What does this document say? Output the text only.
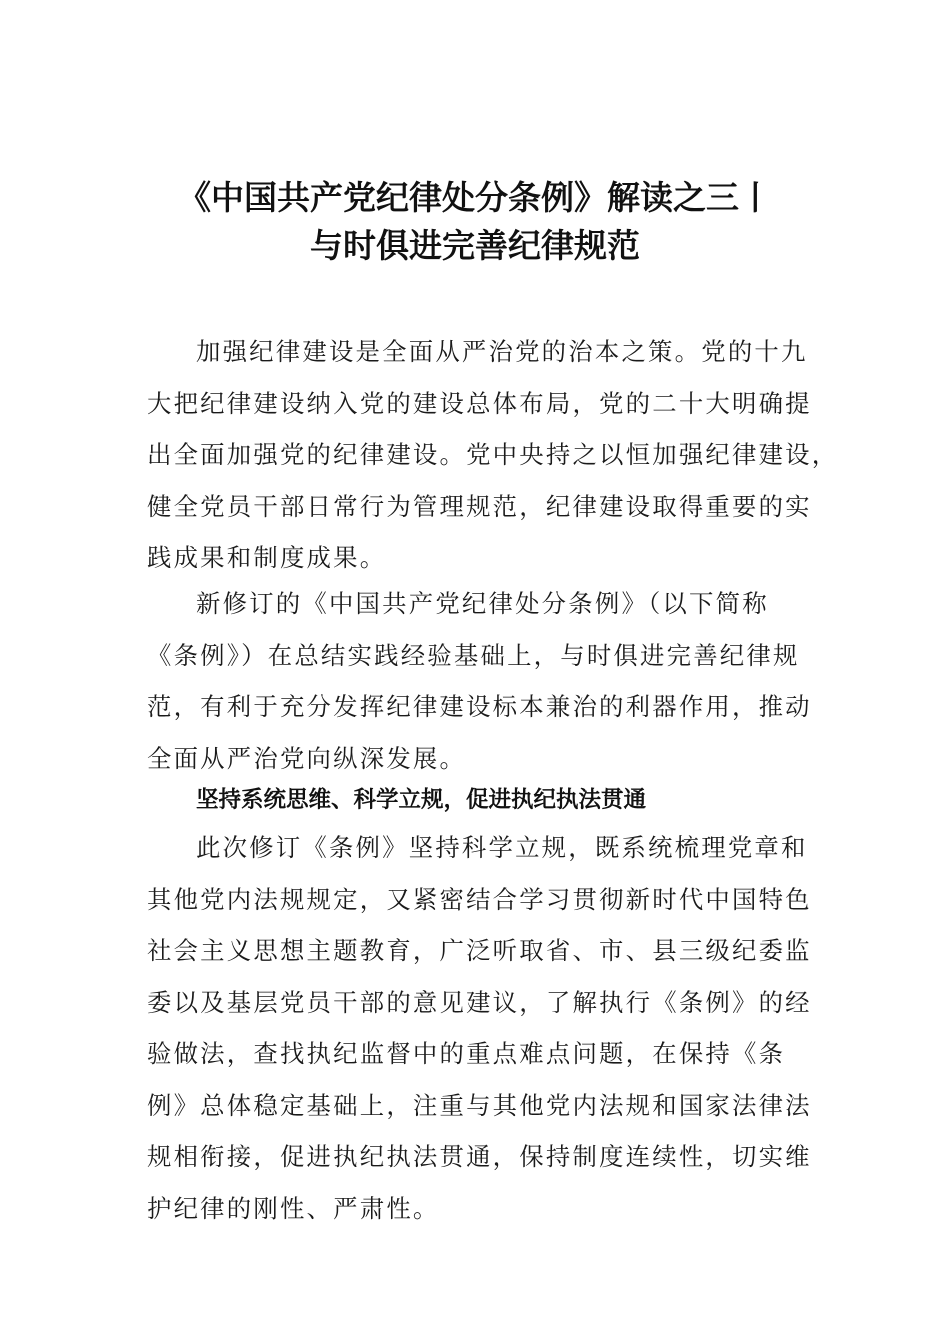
《中国共产党纪律处分条例》解读之三丨
与时俱进完善纪律规范
加强纪律建设是全面从严治党的治本之策。党的十九
大把纪律建设纳入党的建设总体布局，党的二十大明确提
出全面加强党的纪律建设。党中央持之以恒加强纪律建设，
健全党员干部日常行为管理规范，纪律建设取得重要的实
践成果和制度成果。
新修订的《中国共产党纪律处分条例》（以下简称
《条例》）在总结实践经验基础上，与时俱进完善纪律规
范，有利于充分发挥纪律建设标本兼治的利器作用，推动
全面从严治党向纵深发展。
坚持系统思维、科学立规，促进执纪执法贯通
此次修订《条例》坚持科学立规，既系统梳理党章和
其他党内法规规定，又紧密结合学习贯彻新时代中国特色
社会主义思想主题教育，广泛听取省、市、县三级纪委监
委以及基层党员干部的意见建议，了解执行《条例》的经
验做法，查找执纪监督中的重点难点问题，在保持《条
例》总体稳定基础上，注重与其他党内法规和国家法律法
规相衔接，促进执纪执法贯通，保持制度连续性，切实维
护纪律的刚性、严肃性。
